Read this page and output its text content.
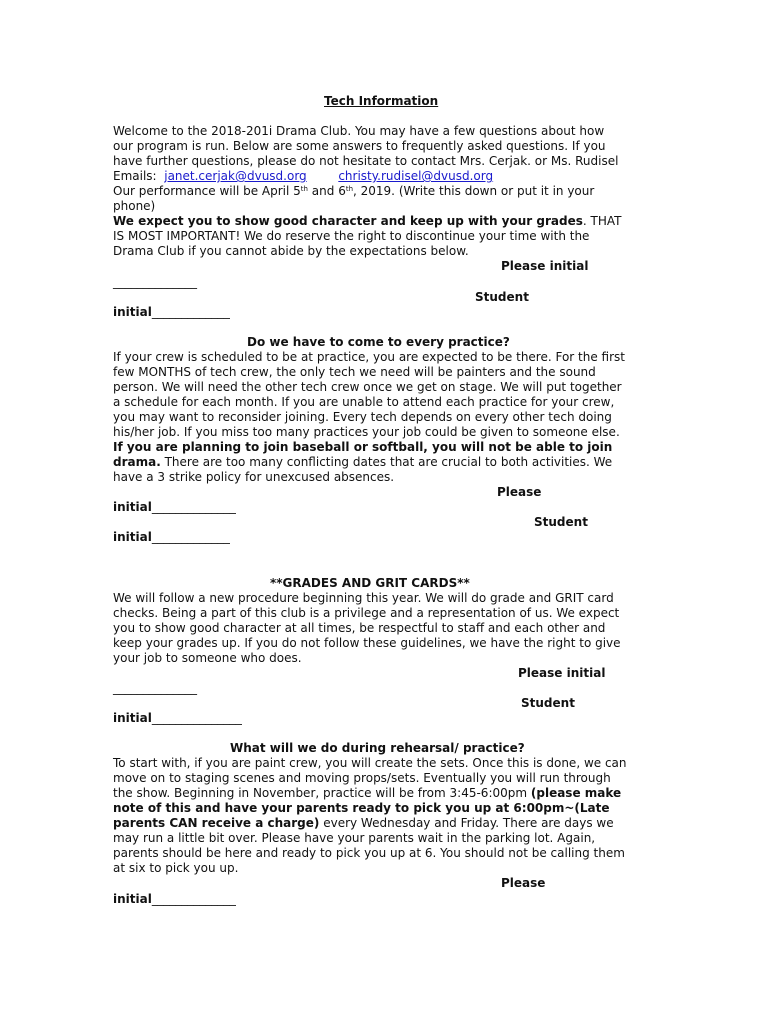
Tech Information
Welcome to the 2018-201i Drama Club. You may have a few questions about how
our program is run. Below are some answers to frequently asked questions. If you
have further questions, please do not hesitate to contact Mrs. Cerjak. or Ms. Rudisel
Emails: janet.cerjak@dvusd.org	christy.rudisel@dvusd.org
Our performance will be April 5th and 6th, 2019. (Write this down or put it in your
phone)
We expect you to show good character and keep up with your grades. THAT
IS MOST IMPORTANT! We do reserve the right to discontinue your time with the
Drama Club if you cannot abide by the expectations below.
Please initial
______________
Student
initial_____________
Do we have to come to every practice?
If your crew is scheduled to be at practice, you are expected to be there. For the first
few MONTHS of tech crew, the only tech we need will be painters and the sound
person. We will need the other tech crew once we get on stage. We will put together
a schedule for each month. If you are unable to attend each practice for your crew,
you may want to reconsider joining. Every tech depends on every other tech doing
his/her job. If you miss too many practices your job could be given to someone else.
If you are planning to join baseball or softball, you will not be able to join
drama. There are too many conflicting dates that are crucial to both activities. We
have a 3 strike policy for unexcused absences.
Please
initial______________
Student
initial_____________
**GRADES AND GRIT CARDS**
We will follow a new procedure beginning this year. We will do grade and GRIT card
checks. Being a part of this club is a privilege and a representation of us. We expect
you to show good character at all times, be respectful to staff and each other and
keep your grades up. If you do not follow these guidelines, we have the right to give
your job to someone who does.
Please initial
______________
Student
initial_______________
What will we do during rehearsal/ practice?
To start with, if you are paint crew, you will create the sets. Once this is done, we can
move on to staging scenes and moving props/sets. Eventually you will run through
the show. Beginning in November, practice will be from 3:45-6:00pm (please make
note of this and have your parents ready to pick you up at 6:00pm~(Late
parents CAN receive a charge) every Wednesday and Friday. There are days we
may run a little bit over. Please have your parents wait in the parking lot. Again,
parents should be here and ready to pick you up at 6. You should not be calling them
at six to pick you up.
Please
initial______________
